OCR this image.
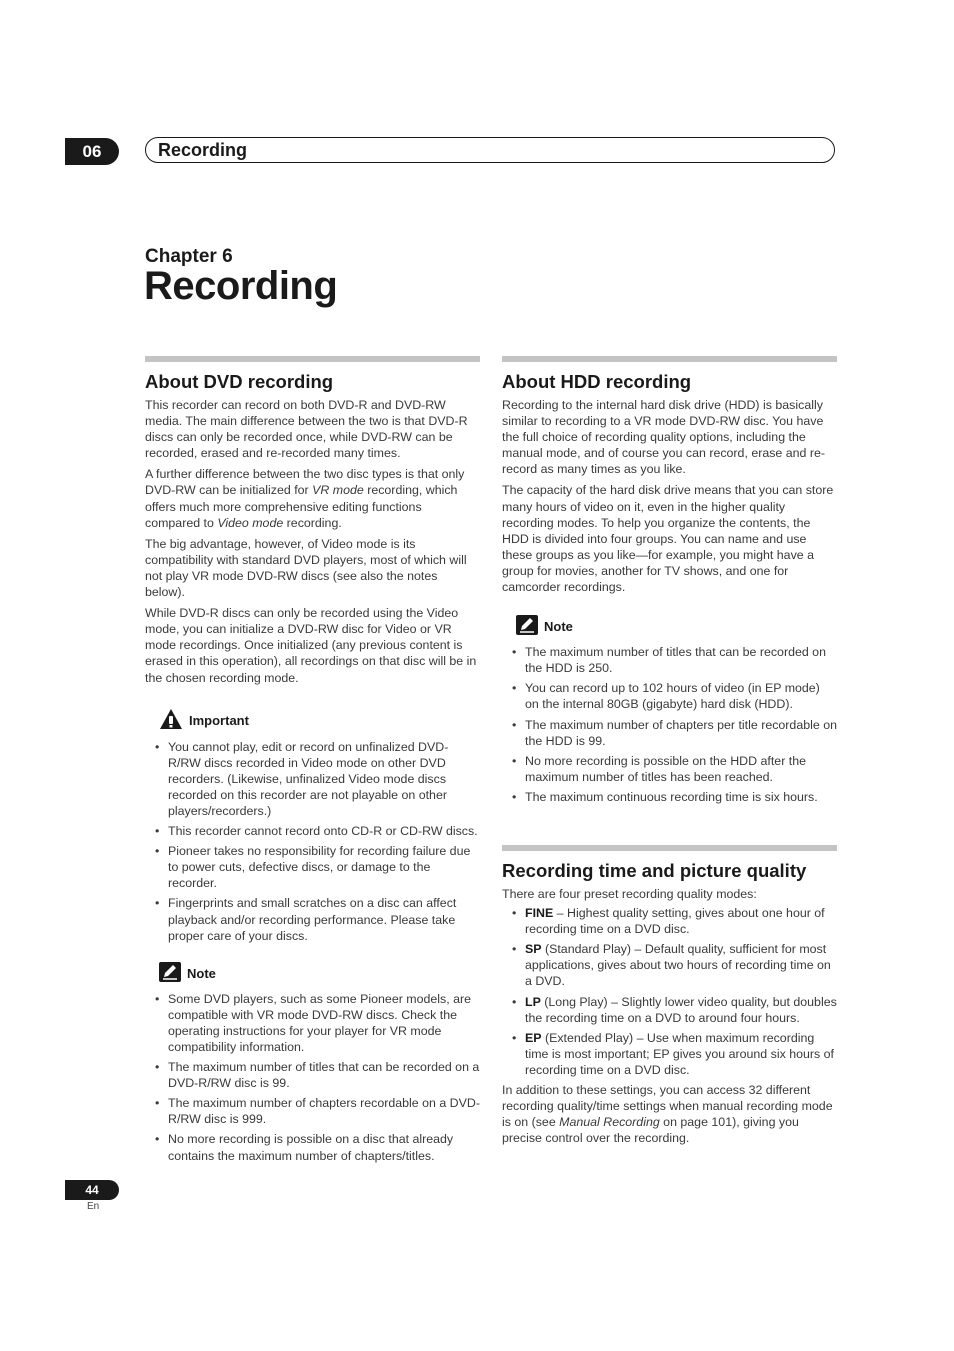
06	Recording
Chapter 6
Recording
About DVD recording

This recorder can record on both DVD-R and DVD-RW media. The main difference between the two is that DVD-R discs can only be recorded once, while DVD-RW can be recorded, erased and re-recorded many times.

A further difference between the two disc types is that only DVD-RW can be initialized for VR mode recording, which offers much more comprehensive editing functions compared to Video mode recording.

The big advantage, however, of Video mode is its compatibility with standard DVD players, most of which will not play VR mode DVD-RW discs (see also the notes below).

While DVD-R discs can only be recorded using the Video mode, you can initialize a DVD-RW disc for Video or VR mode recordings. Once initialized (any previous content is erased in this operation), all recordings on that disc will be in the chosen recording mode.

Important
• You cannot play, edit or record on unfinalized DVD-R/RW discs recorded in Video mode on other DVD recorders. (Likewise, unfinalized Video mode discs recorded on this recorder are not playable on other players/recorders.)
• This recorder cannot record onto CD-R or CD-RW discs.
• Pioneer takes no responsibility for recording failure due to power cuts, defective discs, or damage to the recorder.
• Fingerprints and small scratches on a disc can affect playback and/or recording performance. Please take proper care of your discs.
Note
• Some DVD players, such as some Pioneer models, are compatible with VR mode DVD-RW discs. Check the operating instructions for your player for VR mode compatibility information.
• The maximum number of titles that can be recorded on a DVD-R/RW disc is 99.
• The maximum number of chapters recordable on a DVD-R/RW disc is 999.
• No more recording is possible on a disc that already contains the maximum number of chapters/titles.
About HDD recording

Recording to the internal hard disk drive (HDD) is basically similar to recording to a VR mode DVD-RW disc. You have the full choice of recording quality options, including the manual mode, and of course you can record, erase and re-record as many times as you like.

The capacity of the hard disk drive means that you can store many hours of video on it, even in the higher quality recording modes. To help you organize the contents, the HDD is divided into four groups. You can name and use these groups as you like—for example, you might have a group for movies, another for TV shows, and one for camcorder recordings.

Note
• The maximum number of titles that can be recorded on the HDD is 250.
• You can record up to 102 hours of video (in EP mode) on the internal 80GB (gigabyte) hard disk (HDD).
• The maximum number of chapters per title recordable on the HDD is 99.
• No more recording is possible on the HDD after the maximum number of titles has been reached.
• The maximum continuous recording time is six hours.
Recording time and picture quality

There are four preset recording quality modes:

• FINE – Highest quality setting, gives about one hour of recording time on a DVD disc.
• SP (Standard Play) – Default quality, sufficient for most applications, gives about two hours of recording time on a DVD.
• LP (Long Play) – Slightly lower video quality, but doubles the recording time on a DVD to around four hours.
• EP (Extended Play) – Use when maximum recording time is most important; EP gives you around six hours of recording time on a DVD disc.

In addition to these settings, you can access 32 different recording quality/time settings when manual recording mode is on (see Manual Recording on page 101), giving you precise control over the recording.

44
En
